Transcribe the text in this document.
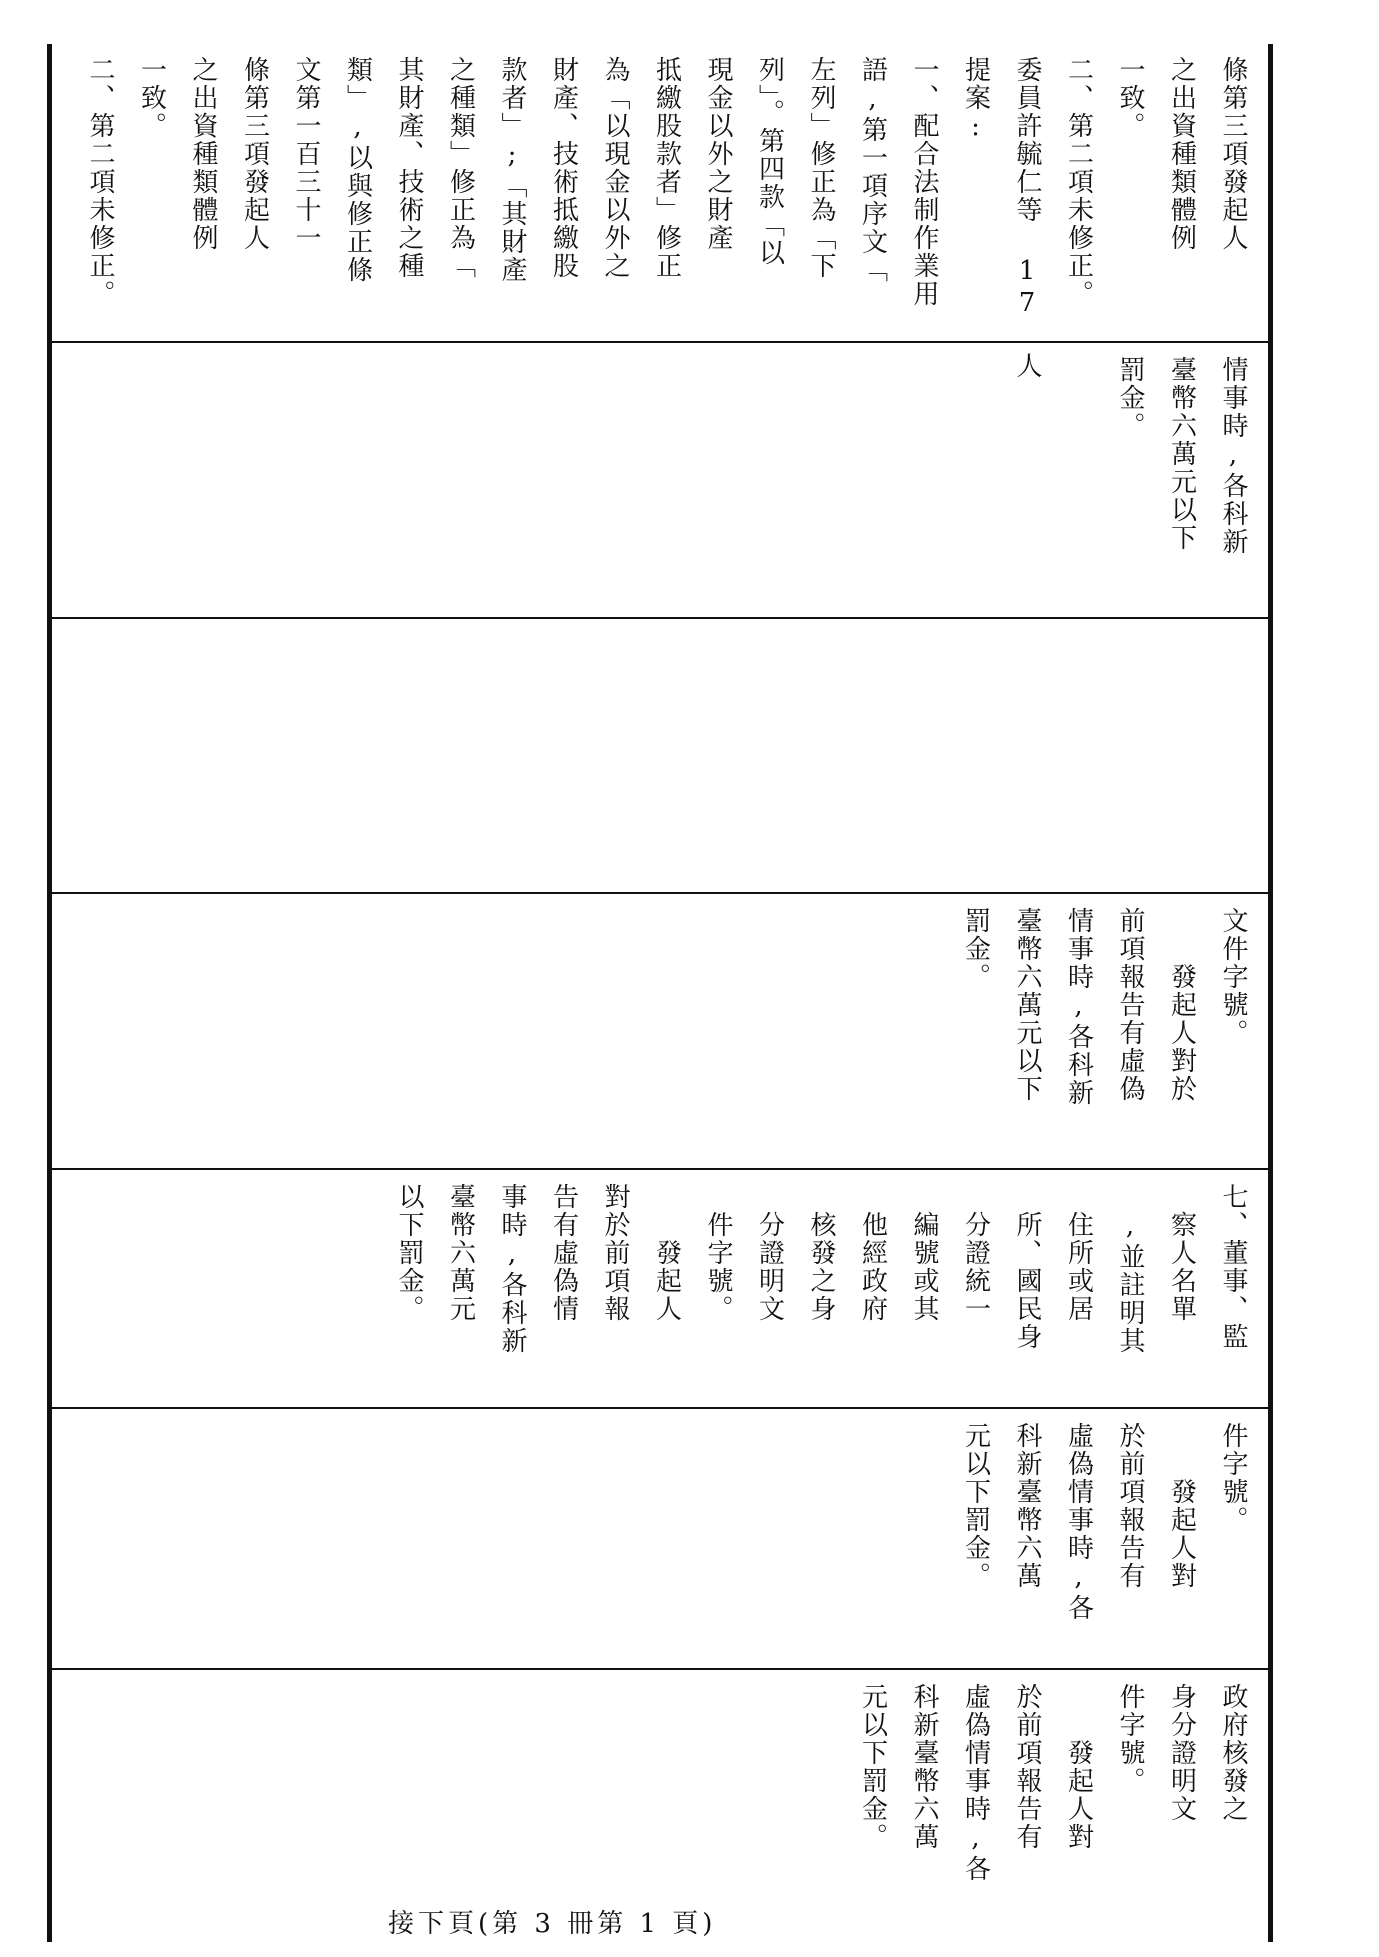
條第三項發起人
之出資種類體例
一致。
二、第二項未修正。
委員許毓仁等 17 人
提案:
一、配合法制作業用
語,第一項序文「
左列」修正為「下
列」。第四款「以
現金以外之財產
抵繳股款者」修正
為「以現金以外之
財產、技術抵繳股
款者」;「其財產
之種類」修正為「
其財產、技術之種
類」,以與修正條
文第一百三十一
條第三項發起人
之出資種類體例
一致。
二、第二項未修正。
情事時,各科新
臺幣六萬元以下
罰金。
文件字號。
　　發起人對於
前項報告有虛偽
情事時,各科新
臺幣六萬元以下
罰金。
七、董事、監
　察人名單
　,並註明其
　住所或居
　所、國民身
　分證統一
　編號或其
　他經政府
　核發之身
　分證明文
　件字號。
　　發起人
對於前項報
告有虛偽情
事時,各科新
臺幣六萬元
以下罰金。
件字號。
　　發起人對
於前項報告有
虛偽情事時,各
科新臺幣六萬
元以下罰金。
政府核發之
身分證明文
件字號。
　　發起人對
於前項報告有
虛偽情事時,各
科新臺幣六萬
元以下罰金。
接下頁(第 3 冊第 1 頁)
